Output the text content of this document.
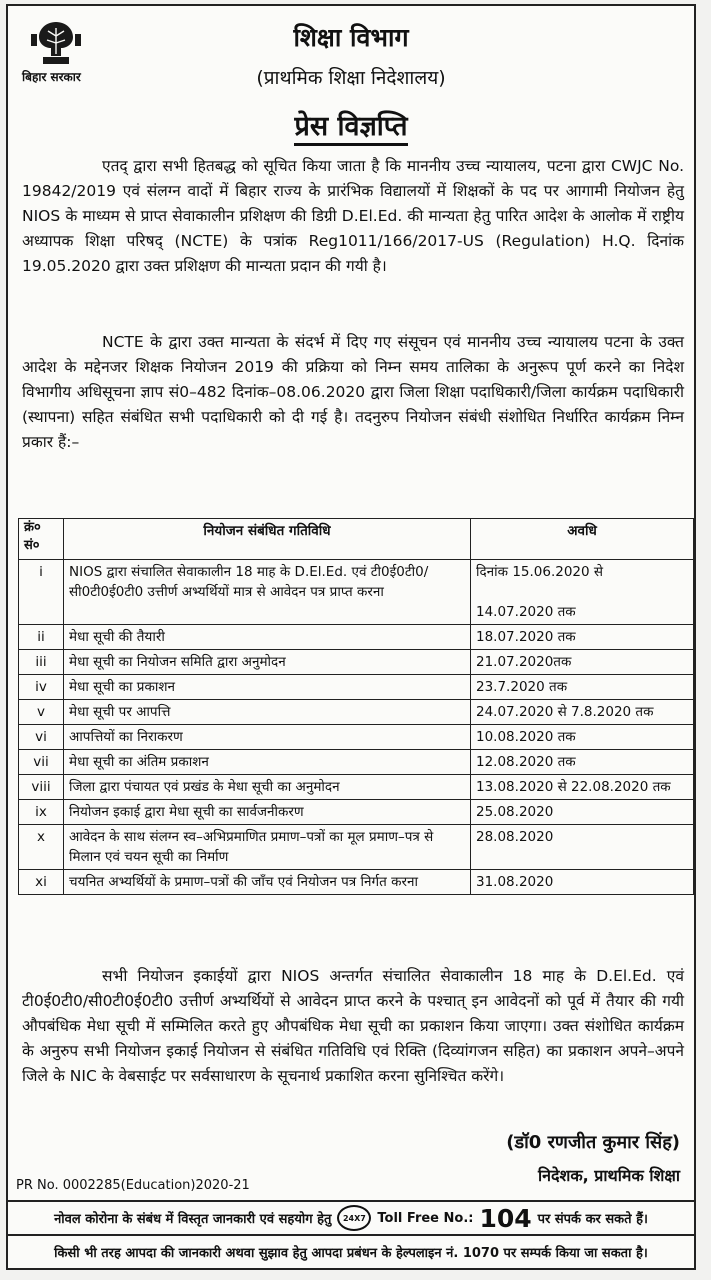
बिहार सरकार
शिक्षा विभाग
(प्राथमिक शिक्षा निदेशालय)
प्रेस विज्ञप्ति

एतद् द्वारा सभी हितबद्ध को सूचित किया जाता है कि माननीय उच्च न्यायालय, पटना द्वारा CWJC No. 19842/2019 एवं संलग्न वादों में बिहार राज्य के प्रारंभिक विद्यालयों में शिक्षकों के पद पर आगामी नियोजन हेतु NIOS के माध्यम से प्राप्त सेवाकालीन प्रशिक्षण की डिग्री D.El.Ed. की मान्यता हेतु पारित आदेश के आलोक में राष्ट्रीय अध्यापक शिक्षा परिषद् (NCTE) के पत्रांक Reg1011/166/2017-US (Regulation) H.Q. दिनांक 19.05.2020 द्वारा उक्त प्रशिक्षण की मान्यता प्रदान की गयी है।

NCTE के द्वारा उक्त मान्यता के संदर्भ में दिए गए संसूचन एवं माननीय उच्च न्यायालय पटना के उक्त आदेश के मद्देनजर शिक्षक नियोजन 2019 की प्रक्रिया को निम्न समय तालिका के अनुरूप पूर्ण करने का निदेश विभागीय अधिसूचना ज्ञाप सं0–482 दिनांक–08.06.2020 द्वारा जिला शिक्षा पदाधिकारी/जिला कार्यक्रम पदाधिकारी (स्थापना) सहित संबंधित सभी पदाधिकारी को दी गई है। तदनुरुप नियोजन संबंधी संशोधित निर्धारित कार्यक्रम निम्न प्रकार हैं:–

क्रं०
सं०	नियोजन संबंधित गतिविधि	अवधि
i	NIOS द्वारा संचालित सेवाकालीन 18 माह के D.El.Ed. एवं टी0ई0टी0/सी0टी0ई0टी0 उत्तीर्ण अभ्यर्थियों मात्र से आवेदन पत्र प्राप्त करना	दिनांक 15.06.2020 से

14.07.2020 तक
ii	मेधा सूची की तैयारी	18.07.2020 तक
iii	मेधा सूची का नियोजन समिति द्वारा अनुमोदन	21.07.2020तक
iv	मेधा सूची का प्रकाशन	23.7.2020 तक
v	मेधा सूची पर आपत्ति	24.07.2020 से 7.8.2020 तक
vi	आपत्तियों का निराकरण	10.08.2020 तक
vii	मेधा सूची का अंतिम प्रकाशन	12.08.2020 तक
viii	जिला द्वारा पंचायत एवं प्रखंड के मेधा सूची का अनुमोदन	13.08.2020 से 22.08.2020 तक
ix	नियोजन इकाई द्वारा मेधा सूची का सार्वजनीकरण	25.08.2020
x	आवेदन के साथ संलग्न स्व–अभिप्रमाणित प्रमाण–पत्रों का मूल प्रमाण–पत्र से मिलान एवं चयन सूची का निर्माण	28.08.2020
xi	चयनित अभ्यर्थियों के प्रमाण–पत्रों की जाँच एवं नियोजन पत्र निर्गत करना	31.08.2020

सभी नियोजन इकाईयों द्वारा NIOS अन्तर्गत संचालित सेवाकालीन 18 माह के D.El.Ed. एवं टी0ई0टी0/सी0टी0ई0टी0 उत्तीर्ण अभ्यर्थियों से आवेदन प्राप्त करने के पश्चात् इन आवेदनों को पूर्व में तैयार की गयी औपबंधिक मेधा सूची में सम्मिलित करते हुए औपबंधिक मेधा सूची का प्रकाशन किया जाएगा। उक्त संशोधित कार्यक्रम के अनुरुप सभी नियोजन इकाई नियोजन से संबंधित गतिविधि एवं रिक्ति (दिव्यांगजन सहित) का प्रकाशन अपने–अपने जिले के NIC के वेबसाईट पर सर्वसाधारण के सूचनार्थ प्रकाशित करना सुनिश्चित करेंगे।

(डॉ0 रणजीत कुमार सिंह)
निदेशक, प्राथमिक शिक्षा
PR No. 0002285(Education)2020-21
नोवल कोरोना के संबंध में विस्तृत जानकारी एवं सहयोग हेतु	24X7 Toll Free No.: 104 पर संपर्क कर सकते हैं।
किसी भी तरह आपदा की जानकारी अथवा सुझाव हेतु आपदा प्रबंधन के हेल्पलाइन नं. 1070 पर सम्पर्क किया जा सकता है।
